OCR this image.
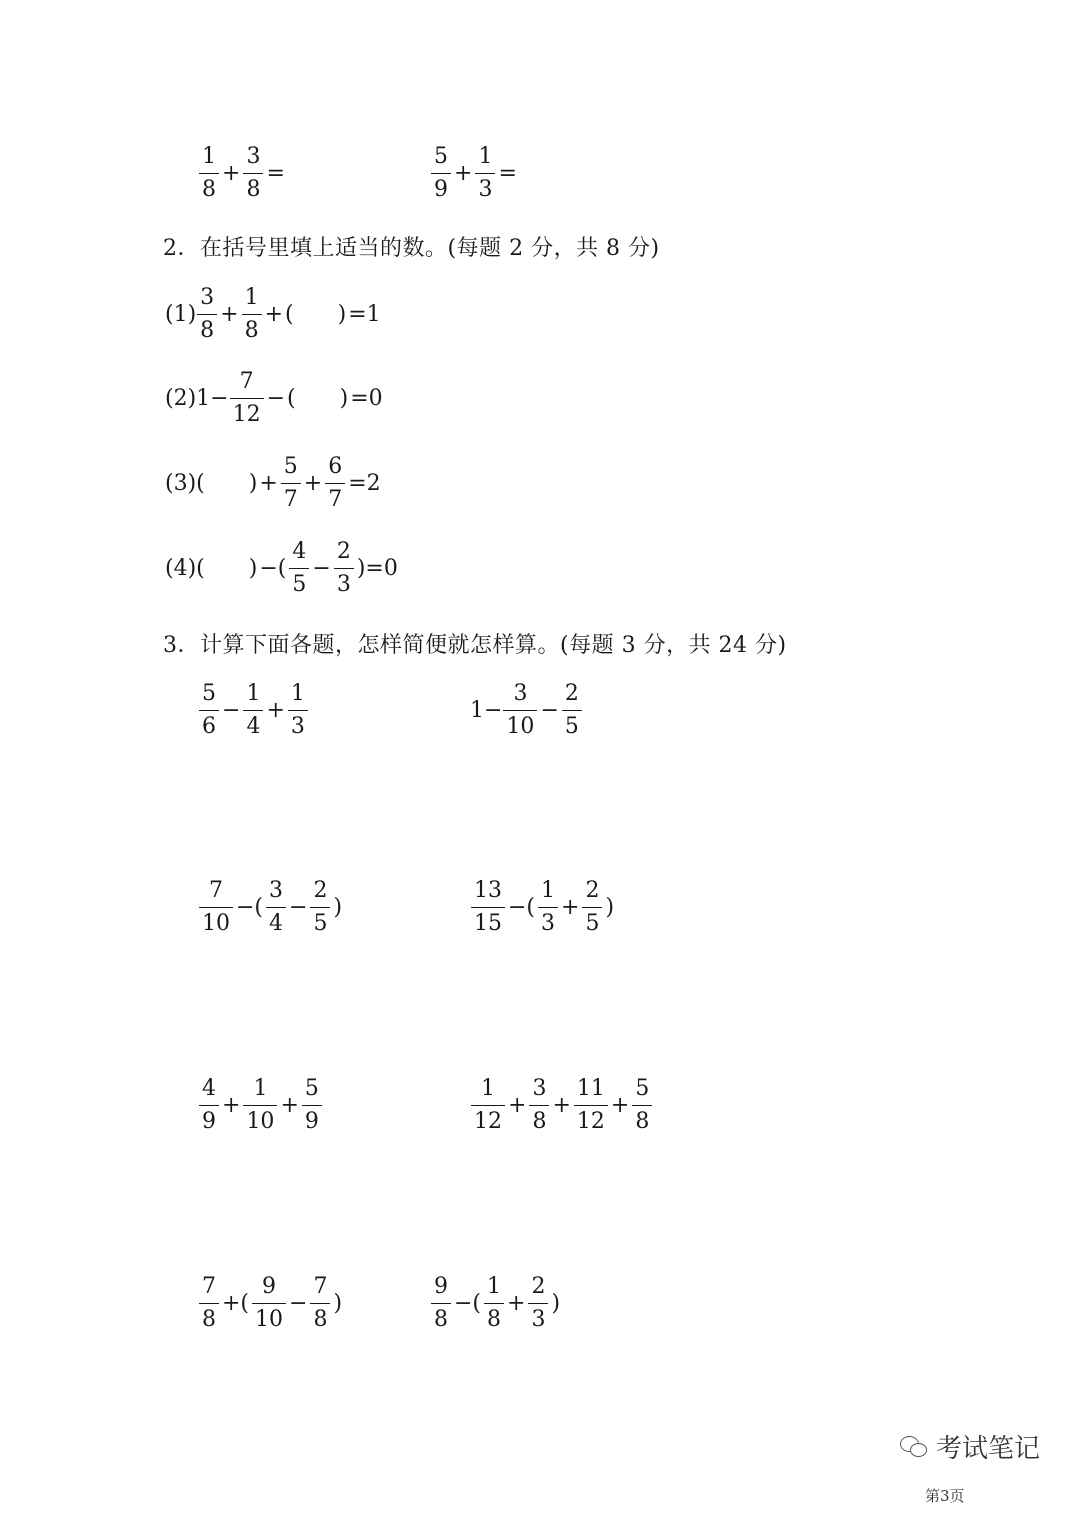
$\frac{1}{8} + \frac{3}{8}$ =	$\frac{5}{9} + \frac{1}{3}$ =
2．在括号里填上适当的数。(每题 2 分，共 8 分)
$(1) \frac{3}{8} + \frac{1}{8}$ + (　　) =1
(2) $1- \frac{7}{12}$ − (　　) =0
(3) (　　) + $\frac{5}{7} + \frac{6}{7} =2$
(4) (　　) −( $\frac{4}{5} - \frac{2}{3} )=0$
3．计算下面各题，怎样简便就怎样算。(每题 3 分，共 24 分)
$\frac{5}{6} - \frac{1}{4} + \frac{1}{3}$	$1- \frac{3}{10} - \frac{2}{5}$
$\frac{7}{10}$ −( $\frac{3}{4} - \frac{2}{5}$ )	$\frac{13}{15}$ −( $\frac{1}{3} + \frac{2}{5}$ )
$\frac{4}{9} + \frac{1}{10} + \frac{5}{9}$	$\frac{1}{12} + \frac{3}{8} + \frac{11}{12} + \frac{5}{8}$
$\frac{7}{8}$ +( $\frac{9}{10} - \frac{7}{8}$ )	$\frac{9}{8}$ −( $\frac{1}{8} + \frac{2}{3}$ )
考试笔记
第3页
